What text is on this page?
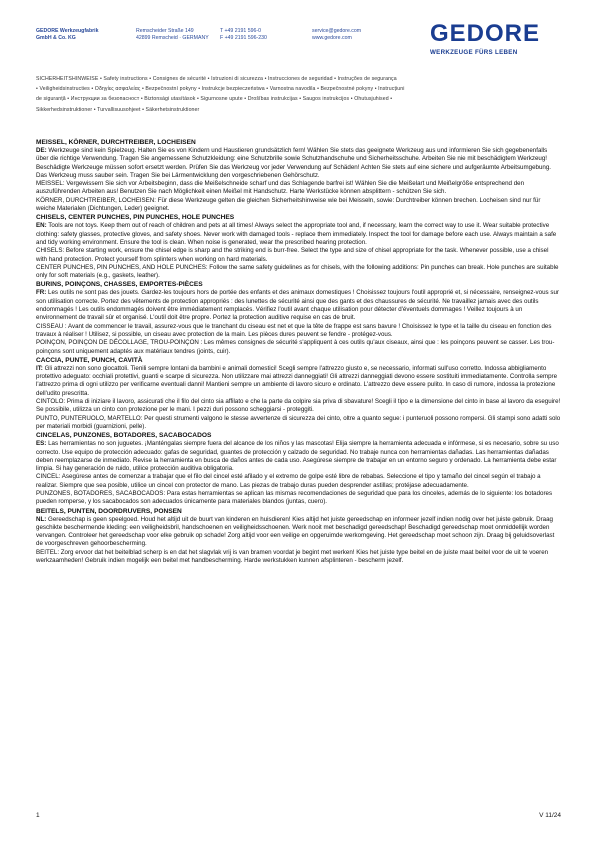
GEDORE Werkzeugfabrik
GmbH & Co. KG
Remscheider Straße 149
42899 Remscheid · GERMANY
T +49 2191 596-0
F +49 2191 596-230
service@gedore.com
www.gedore.com	GEDORE
WERKZEUGE FÜRS LEBEN
SICHERHEITSHINWEISE • Safety instructions • Consignes de sécurité • Istruzioni di sicurezza • Instrucciones de seguridad • Instruções de segurança
• Veiligheidsinstructies • Οδηγίες ασφαλείας • Bezpečnostní pokyny • Instrukcje bezpieczeństwa • Varnostna navodila • Bezpečnostné pokyny • Instrucțiuni
de siguranță • Инструкции за безопасност • Biztonsági utasítások • Sigurnosne upute • Drošības instrukcijas • Saugos instrukcijos • Ohutusjuhised •
Sikkerhedsinstruktioner • Turvallisuusohjeet • Säkerhetsinstruktioner
MEISSEL, KÖRNER, DURCHTREIBER, LOCHEISEN

DE: Werkzeuge sind kein Spielzeug. Halten Sie es von Kindern und Haustieren grundsätzlich fern! Wählen Sie stets das geeignete Werkzeug aus und informieren Sie sich gegebenenfalls über die richtige Verwendung. Tragen Sie angemessene Schutzkleidung: eine Schutzbrille sowie Schutzhandschuhe und Sicherheitsschuhe. Arbeiten Sie nie mit beschädigtem Werkzeug! Beschädigte Werkzeuge müssen sofort ersetzt werden. Prüfen Sie das Werkzeug vor jeder Verwendung auf Schäden! Achten Sie stets auf eine sichere und aufgeräumte Arbeitsumgebung. Das Werkzeug muss sauber sein. Tragen Sie bei Lärmentwicklung den vorgeschriebenen Gehörschutz.

MEISSEL: Vergewissern Sie sich vor Arbeitsbeginn, dass die Meißelschneide scharf und das Schlagende barfrei ist! Wählen Sie die Meißelart und Meißelgröße entsprechend den auszuführenden Arbeiten aus! Benutzen Sie nach Möglichkeit einen Meißel mit Handschutz. Harte Werkstücke können absplittern - schützen Sie sich.

KÖRNER, DURCHTREIBER, LOCHEISEN: Für diese Werkzeuge gelten die gleichen Sicherheitshinweise wie bei Meisseln, sowie: Durchtreiber können brechen. Locheisen sind nur für weiche Materialen (Dichtungen, Leder) geeignet.

CHISELS, CENTER PUNCHES, PIN PUNCHES, HOLE PUNCHES

EN: Tools are not toys. Keep them out of reach of children and pets at all times! Always select the appropriate tool and, if necessary, learn the correct way to use it. Wear suitable protective clothing: safety glasses, protective gloves, and safety shoes. Never work with damaged tools - replace them immediately. Inspect the tool for damage before each use. Always maintain a safe and tidy working environment. Ensure the tool is clean. When noise is generated, wear the prescribed hearing protection.

CHISELS: Before starting work, ensure the chisel edge is sharp and the striking end is burr-free. Select the type and size of chisel appropriate for the task. Whenever possible, use a chisel with hand protection. Protect yourself from splinters when working on hard materials.

CENTER PUNCHES, PIN PUNCHES, AND HOLE PUNCHES: Follow the same safety guidelines as for chisels, with the following additions: Pin punches can break. Hole punches are suitable only for soft materials (e.g., gaskets, leather).

BURINS, POINÇONS, CHASSES, EMPORTES-PIÈCES

FR: Les outils ne sont pas des jouets. Gardez-les toujours hors de portée des enfants et des animaux domestiques ! Choisissez toujours l'outil approprié et, si nécessaire, renseignez-vous sur son utilisation correcte. Portez des vêtements de protection appropriés : des lunettes de sécurité ainsi que des gants et des chaussures de sécurité. Ne travaillez jamais avec des outils endommagés ! Les outils endommagés doivent être immédiatement remplacés. Vérifiez l'outil avant chaque utilisation pour détecter d'éventuels dommages ! Veillez toujours à un environnement de travail sûr et organisé. L'outil doit être propre. Portez la protection auditive requise en cas de bruit.

CISSEAU : Avant de commencer le travail, assurez-vous que le tranchant du ciseau est net et que la tête de frappe est sans bavure ! Choisissez le type et la taille du ciseau en fonction des travaux à réaliser ! Utilisez, si possible, un ciseau avec protection de la main. Les pièces dures peuvent se fendre - protégez-vous.

POINÇON, POINÇON DE DÉCOLLAGE, TROU-POINÇON : Les mêmes consignes de sécurité s'appliquent à ces outils qu'aux ciseaux, ainsi que : les poinçons peuvent se casser. Les trou-poinçons sont uniquement adaptés aux matériaux tendres (joints, cuir).

CACCIA, PUNTE, PUNCH, CAVITÀ

IT: Gli attrezzi non sono giocattoli. Tienili sempre lontani da bambini e animali domestici! Scegli sempre l'attrezzo giusto e, se necessario, informati sull'uso corretto. Indossa abbigliamento protettivo adeguato: occhiali protettivi, guanti e scarpe di sicurezza. Non utilizzare mai attrezzi danneggiati! Gli attrezzi danneggiati devono essere sostituiti immediatamente. Controlla sempre l'attrezzo prima di ogni utilizzo per verificarne eventuali danni! Mantieni sempre un ambiente di lavoro sicuro e ordinato. L'attrezzo deve essere pulito. In caso di rumore, indossa la protezione dell'udito prescritta.

CINTOLO: Prima di iniziare il lavoro, assicurati che il filo del cinto sia affilato e che la parte da colpire sia priva di sbavature! Scegli il tipo e la dimensione del cinto in base al lavoro da eseguire! Se possibile, utilizza un cinto con protezione per le mani. I pezzi duri possono scheggiarsi - proteggiti.

PUNTO, PUNTERUOLO, MARTELLO: Per questi strumenti valgono le stesse avvertenze di sicurezza dei cinto, oltre a quanto segue: i punteruoli possono rompersi. Gli stampi sono adatti solo per materiali morbidi (guarnizioni, pelle).

CINCELAS, PUNZONES, BOTADORES, SACABOCADOS

ES: Las herramientas no son juguetes. ¡Manténgalas siempre fuera del alcance de los niños y las mascotas! Elija siempre la herramienta adecuada e infórmese, si es necesario, sobre su uso correcto. Use equipo de protección adecuado: gafas de seguridad, guantes de protección y calzado de seguridad. No trabaje nunca con herramientas dañadas. Las herramientas dañadas deben reemplazarse de inmediato. Revise la herramienta en busca de daños antes de cada uso. Asegúrese siempre de trabajar en un entorno seguro y ordenado. La herramienta debe estar limpia. Si hay generación de ruido, utilice protección auditiva obligatoria.

CINCEL: Asegúrese antes de comenzar a trabajar que el filo del cincel esté afilado y el extremo de golpe esté libre de rebabas. Seleccione el tipo y tamaño del cincel según el trabajo a realizar. Siempre que sea posible, utilice un cincel con protector de mano. Las piezas de trabajo duras pueden desprender astillas; protéjase adecuadamente.

PUNZONES, BOTADORES, SACABOCADOS: Para estas herramientas se aplican las mismas recomendaciones de seguridad que para los cinceles, además de lo siguiente: los botadores pueden romperse, y los sacabocados son adecuados únicamente para materiales blandos (juntas, cuero).

BEITELS, PUNTEN, DOORDRUVERS, PONSEN

NL: Gereedschap is geen speelgoed. Houd het altijd uit de buurt van kinderen en huisdieren! Kies altijd het juiste gereedschap en informeer jezelf indien nodig over het juiste gebruik. Draag geschikte beschermende kleding: een veiligheidsbril, handschoenen en veiligheidsschoenen. Werk nooit met beschadigd gereedschap! Beschadigd gereedschap moet onmiddellijk worden vervangen. Controleer het gereedschap voor elke gebruik op schade! Zorg altijd voor een veilige en opgeruimde werkomgeving. Het gereedschap moet schoon zijn. Draag bij geluidsoverlast de voorgeschreven gehoorbescherming.

BEITEL: Zorg ervoor dat het beitelblad scherp is en dat het slagvlak vrij is van bramen voordat je begint met werken! Kies het juiste type beitel en de juiste maat beitel voor de uit te voeren werkzaamheden! Gebruik indien mogelijk een beitel met handbescherming. Harde werkstukken kunnen afsplinteren - bescherm jezelf.

1	V 11/24
